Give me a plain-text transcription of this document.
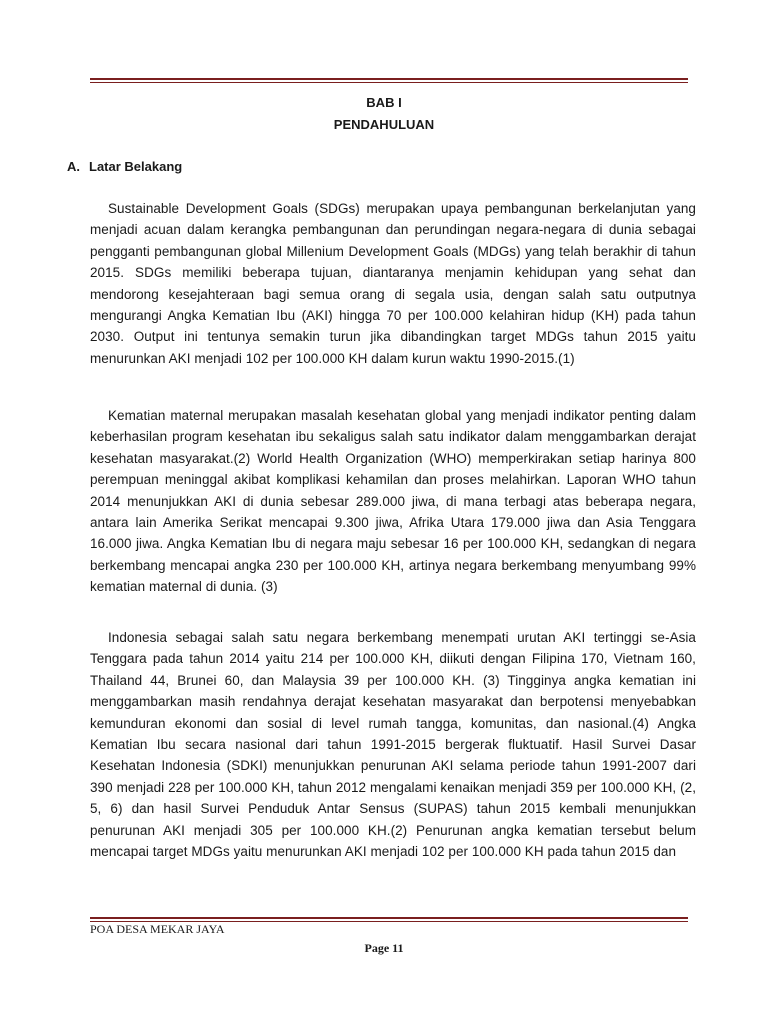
BAB I
PENDAHULUAN
A. Latar Belakang

Sustainable Development Goals (SDGs) merupakan upaya pembangunan berkelanjutan yang menjadi acuan dalam kerangka pembangunan dan perundingan negara-negara di dunia sebagai pengganti pembangunan global Millenium Development Goals (MDGs) yang telah berakhir di tahun 2015. SDGs memiliki beberapa tujuan, diantaranya menjamin kehidupan yang sehat dan mendorong kesejahteraan bagi semua orang di segala usia, dengan salah satu outputnya mengurangi Angka Kematian Ibu (AKI) hingga 70 per 100.000 kelahiran hidup (KH) pada tahun 2030. Output ini tentunya semakin turun jika dibandingkan target MDGs tahun 2015 yaitu menurunkan AKI menjadi 102 per 100.000 KH dalam kurun waktu 1990-2015.(1)

Kematian maternal merupakan masalah kesehatan global yang menjadi indikator penting dalam keberhasilan program kesehatan ibu sekaligus salah satu indikator dalam menggambarkan derajat kesehatan masyarakat.(2) World Health Organization (WHO) memperkirakan setiap harinya 800 perempuan meninggal akibat komplikasi kehamilan dan proses melahirkan. Laporan WHO tahun 2014 menunjukkan AKI di dunia sebesar 289.000 jiwa, di mana terbagi atas beberapa negara, antara lain Amerika Serikat mencapai 9.300 jiwa, Afrika Utara 179.000 jiwa dan Asia Tenggara 16.000 jiwa. Angka Kematian Ibu di negara maju sebesar 16 per 100.000 KH, sedangkan di negara berkembang mencapai angka 230 per 100.000 KH, artinya negara berkembang menyumbang 99% kematian maternal di dunia. (3)

Indonesia sebagai salah satu negara berkembang menempati urutan AKI tertinggi se-Asia Tenggara pada tahun 2014 yaitu 214 per 100.000 KH, diikuti dengan Filipina 170, Vietnam 160, Thailand 44, Brunei 60, dan Malaysia 39 per 100.000 KH. (3) Tingginya angka kematian ini menggambarkan masih rendahnya derajat kesehatan masyarakat dan berpotensi menyebabkan kemunduran ekonomi dan sosial di level rumah tangga, komunitas, dan nasional.(4) Angka Kematian Ibu secara nasional dari tahun 1991-2015 bergerak fluktuatif. Hasil Survei Dasar Kesehatan Indonesia (SDKI) menunjukkan penurunan AKI selama periode tahun 1991-2007 dari 390 menjadi 228 per 100.000 KH, tahun 2012 mengalami kenaikan menjadi 359 per 100.000 KH, (2, 5, 6) dan hasil Survei Penduduk Antar Sensus (SUPAS) tahun 2015 kembali menunjukkan penurunan AKI menjadi 305 per 100.000 KH.(2) Penurunan angka kematian tersebut belum mencapai target MDGs yaitu menurunkan AKI menjadi 102 per 100.000 KH pada tahun 2015 dan

POA DESA MEKAR JAYA
Page 11
